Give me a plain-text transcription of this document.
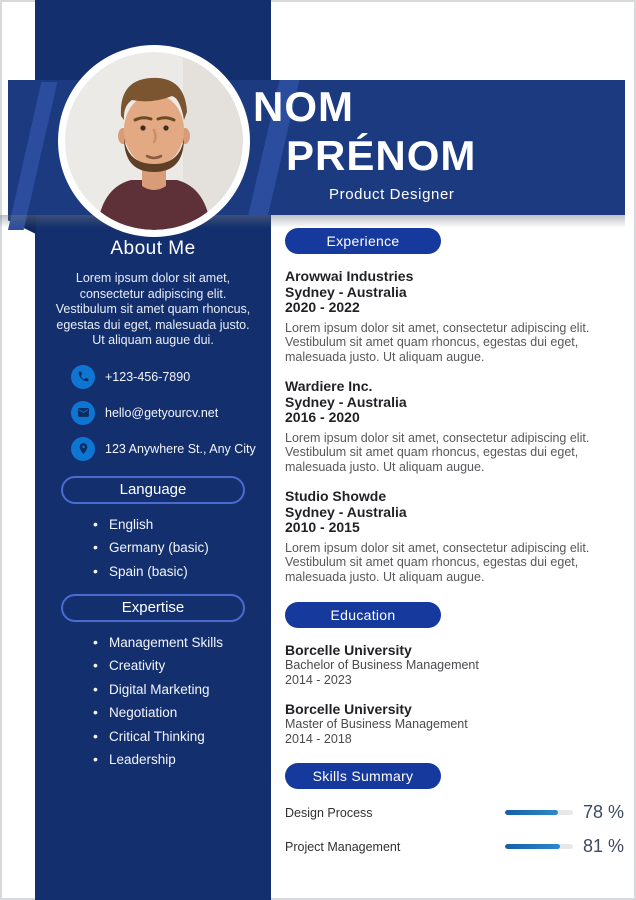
NOM
PRÉNOM
Product Designer
About Me
Lorem ipsum dolor sit amet, consectetur adipiscing elit. Vestibulum sit amet quam rhoncus, egestas dui eget, malesuada justo. Ut aliquam augue dui.
+123-456-7890
hello@getyourcv.net
123 Anywhere St., Any City
Language
• English
• Germany (basic)
• Spain (basic)
Expertise
• Management Skills
• Creativity
• Digital Marketing
• Negotiation
• Critical Thinking
• Leadership
Experience
Arowwai Industries
Sydney - Australia
2020 - 2022
Lorem ipsum dolor sit amet, consectetur adipiscing elit. Vestibulum sit amet quam rhoncus, egestas dui eget, malesuada justo. Ut aliquam augue.
Wardiere Inc.
Sydney - Australia
2016 - 2020
Lorem ipsum dolor sit amet, consectetur adipiscing elit. Vestibulum sit amet quam rhoncus, egestas dui eget, malesuada justo. Ut aliquam augue.
Studio Showde
Sydney - Australia
2010 - 2015
Lorem ipsum dolor sit amet, consectetur adipiscing elit. Vestibulum sit amet quam rhoncus, egestas dui eget, malesuada justo. Ut aliquam augue.
Education
Borcelle University
Bachelor of Business Management
2014 - 2023
Borcelle University
Master of Business Management
2014 - 2018
Skills Summary
Design Process	78 %
Project Management	81 %
